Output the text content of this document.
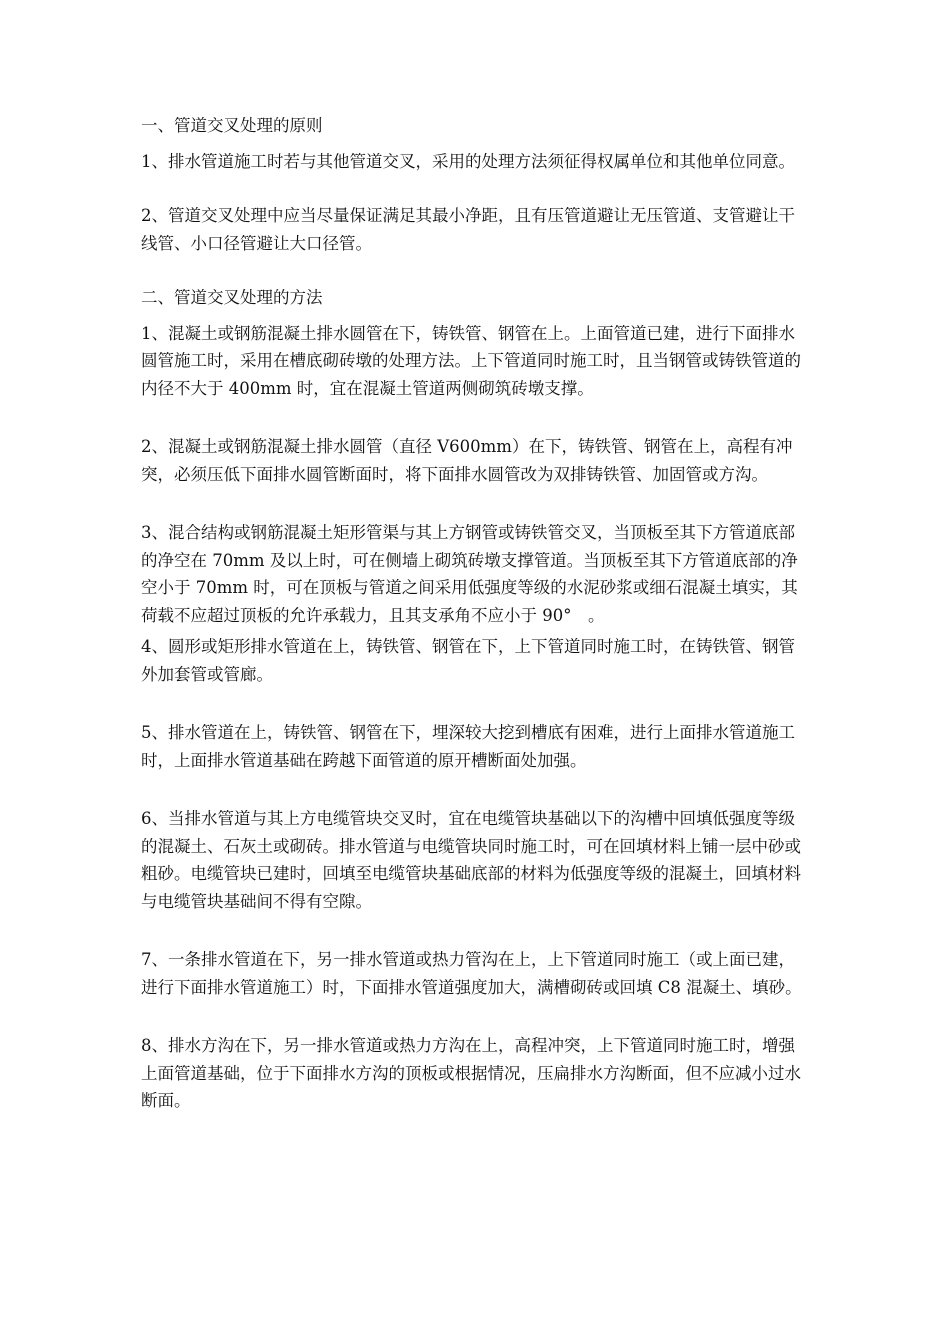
一、管道交叉处理的原则

1、排水管道施工时若与其他管道交叉，采用的处理方法须征得权属单位和其他单位同意。

2、管道交叉处理中应当尽量保证满足其最小净距，且有压管道避让无压管道、支管避让干线管、小口径管避让大口径管。

二、管道交叉处理的方法

1、混凝土或钢筋混凝土排水圆管在下，铸铁管、钢管在上。上面管道已建，进行下面排水圆管施工时，采用在槽底砌砖墩的处理方法。上下管道同时施工时，且当钢管或铸铁管道的内径不大于 400mm 时，宜在混凝土管道两侧砌筑砖墩支撑。

2、混凝土或钢筋混凝土排水圆管（直径 V600mm）在下，铸铁管、钢管在上，高程有冲突，必须压低下面排水圆管断面时，将下面排水圆管改为双排铸铁管、加固管或方沟。

3、混合结构或钢筋混凝土矩形管渠与其上方钢管或铸铁管交叉，当顶板至其下方管道底部的净空在 70mm 及以上时，可在侧墙上砌筑砖墩支撑管道。当顶板至其下方管道底部的净空小于 70mm 时，可在顶板与管道之间采用低强度等级的水泥砂浆或细石混凝土填实，其荷载不应超过顶板的允许承载力，且其支承角不应小于 90°　。

4、圆形或矩形排水管道在上，铸铁管、钢管在下，上下管道同时施工时，在铸铁管、钢管外加套管或管廊。

5、排水管道在上，铸铁管、钢管在下，埋深较大挖到槽底有困难，进行上面排水管道施工时，上面排水管道基础在跨越下面管道的原开槽断面处加强。

6、当排水管道与其上方电缆管块交叉时，宜在电缆管块基础以下的沟槽中回填低强度等级的混凝土、石灰土或砌砖。排水管道与电缆管块同时施工时，可在回填材料上铺一层中砂或粗砂。电缆管块已建时，回填至电缆管块基础底部的材料为低强度等级的混凝土，回填材料与电缆管块基础间不得有空隙。

7、一条排水管道在下，另一排水管道或热力管沟在上，上下管道同时施工（或上面已建，进行下面排水管道施工）时，下面排水管道强度加大，满槽砌砖或回填 C8 混凝土、填砂。

8、排水方沟在下，另一排水管道或热力方沟在上，高程冲突，上下管道同时施工时，增强上面管道基础，位于下面排水方沟的顶板或根据情况，压扁排水方沟断面，但不应减小过水断面。
